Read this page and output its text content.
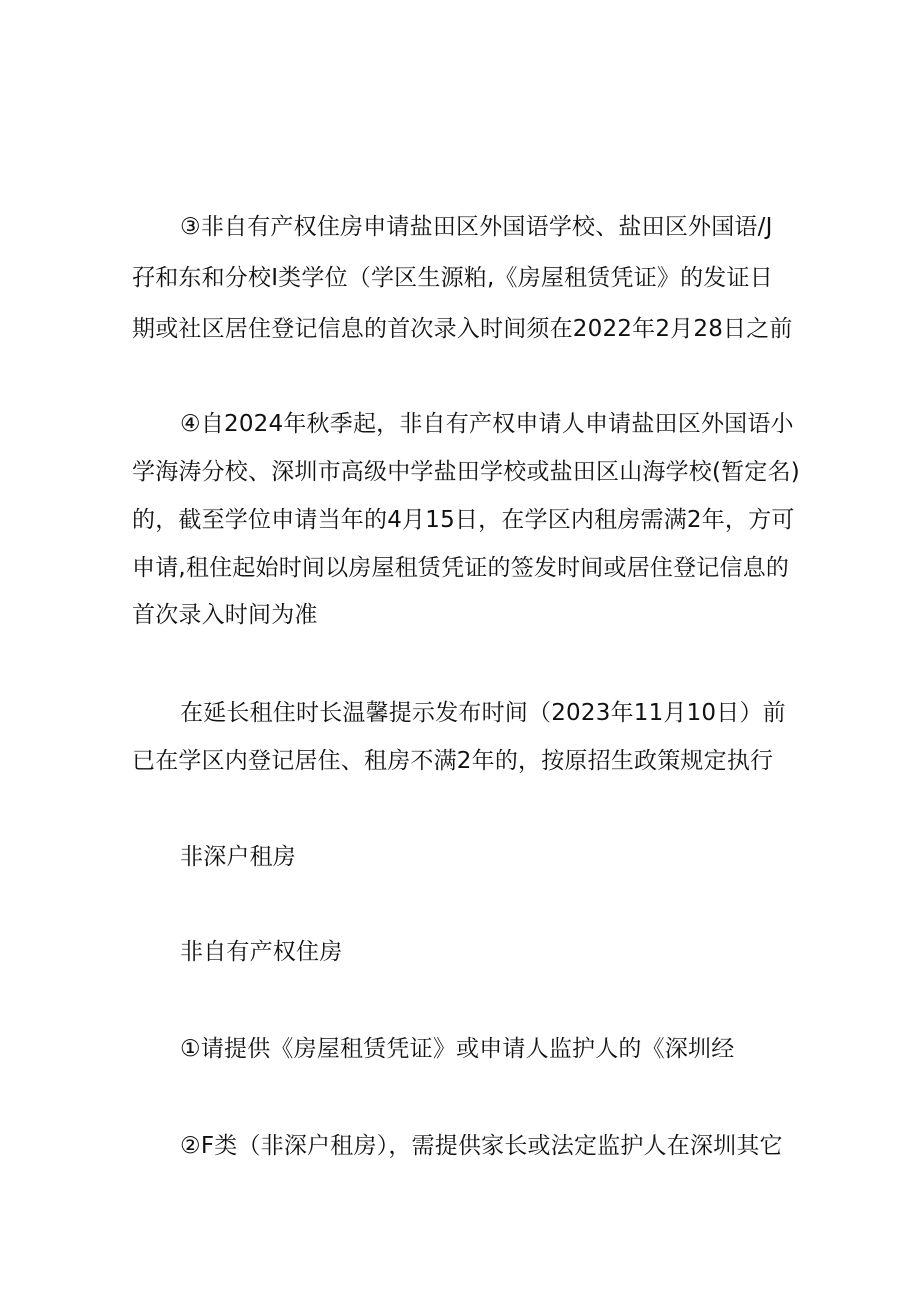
③非自有产权住房申请盐田区外国语学校、盐田区外国语/J
孖和东和分校I类学位（学区生源粕,《房屋租赁凭证》的发证日
期或社区居住登记信息的首次录入时间须在2022年2月28日之前
④自2024年秋季起，非自有产权申请人申请盐田区外国语小
学海涛分校、深圳市高级中学盐田学校或盐田区山海学校(暂定名)
的，截至学位申请当年的4月15日，在学区内租房需满2年，方可
申请,租住起始时间以房屋租赁凭证的签发时间或居住登记信息的
首次录入时间为准
在延长租住时长温馨提示发布时间（2023年11月10日）前
已在学区内登记居住、租房不满2年的，按原招生政策规定执行
非深户租房
非自有产权住房
①请提供《房屋租赁凭证》或申请人监护人的《深圳经
②F类（非深户租房），需提供家长或法定监护人在深圳其它
